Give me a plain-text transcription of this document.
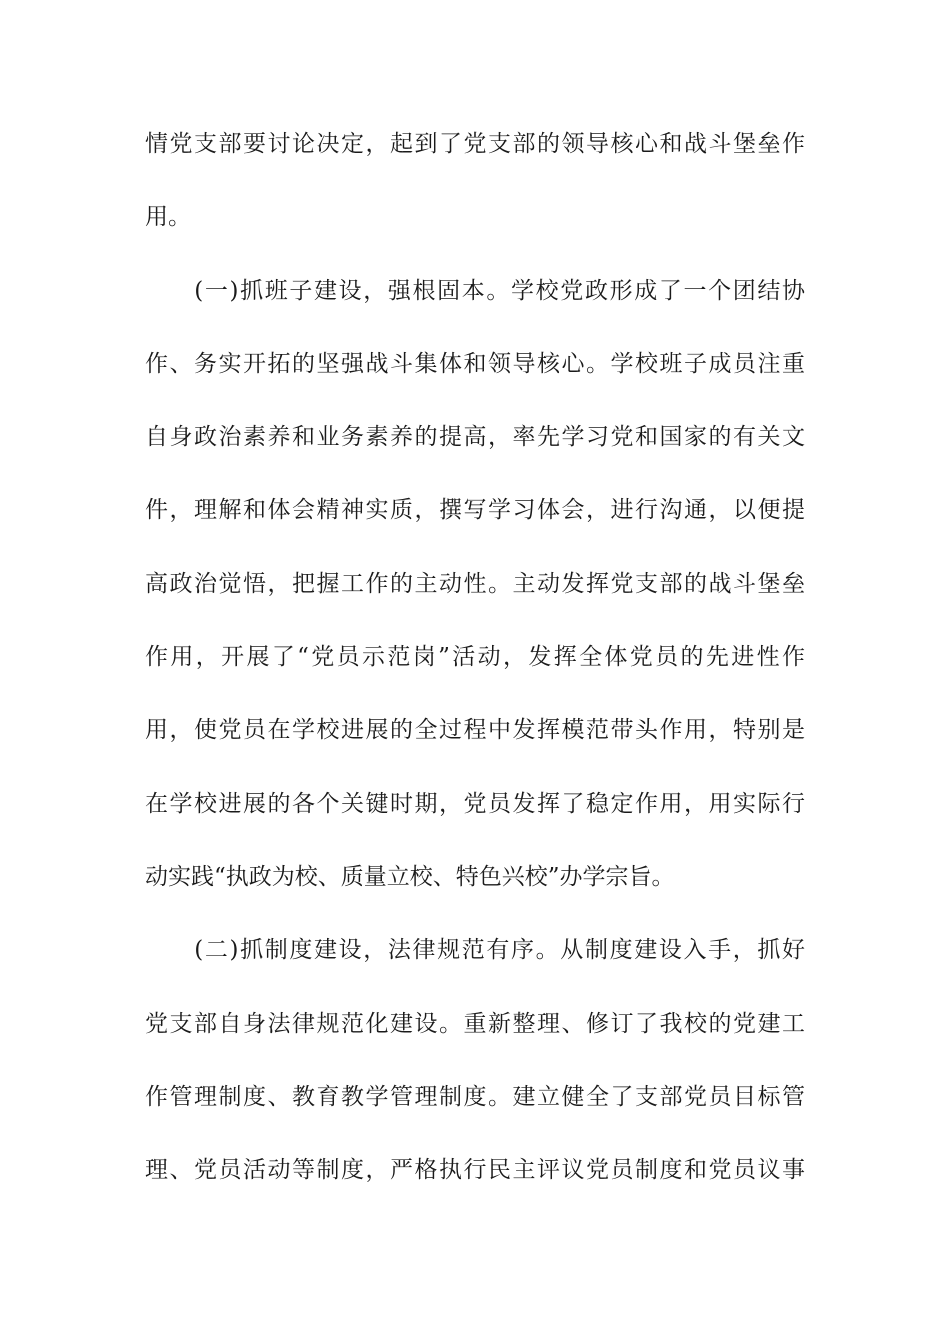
情党支部要讨论决定，起到了党支部的领导核心和战斗堡垒作
用。
　　(一)抓班子建设，强根固本。学校党政形成了一个团结协
作、务实开拓的坚强战斗集体和领导核心。学校班子成员注重
自身政治素养和业务素养的提高，率先学习党和国家的有关文
件，理解和体会精神实质，撰写学习体会，进行沟通，以便提
高政治觉悟，把握工作的主动性。主动发挥党支部的战斗堡垒
作用，开展了“党员示范岗”活动，发挥全体党员的先进性作
用，使党员在学校进展的全过程中发挥模范带头作用，特别是
在学校进展的各个关键时期，党员发挥了稳定作用，用实际行
动实践“执政为校、质量立校、特色兴校”办学宗旨。
　　(二)抓制度建设，法律规范有序。从制度建设入手，抓好
党支部自身法律规范化建设。重新整理、修订了我校的党建工
作管理制度、教育教学管理制度。建立健全了支部党员目标管
理、党员活动等制度，严格执行民主评议党员制度和党员议事
